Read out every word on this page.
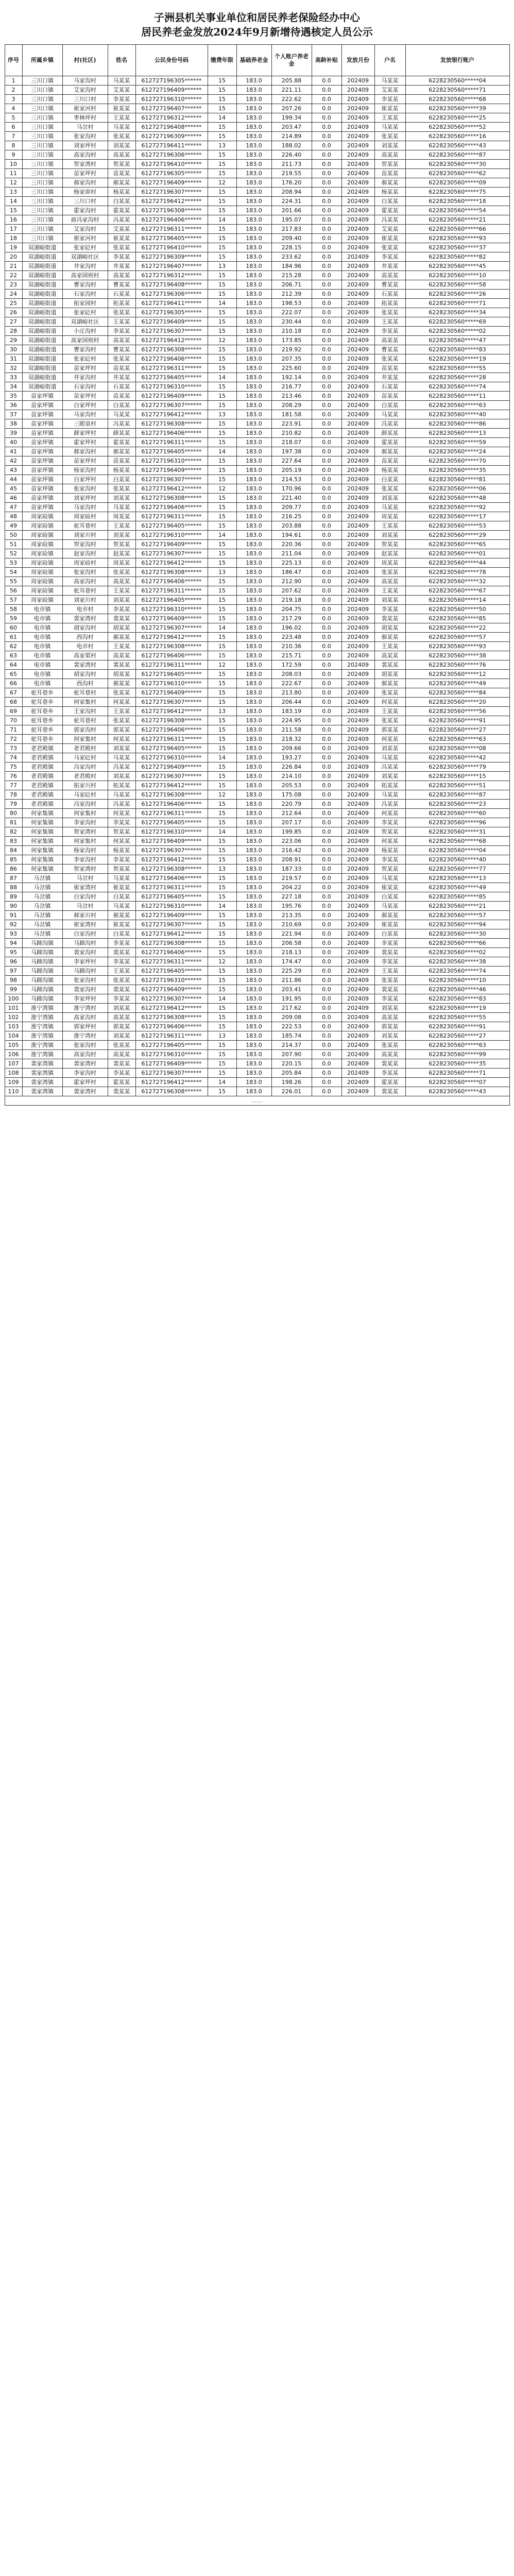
子洲县机关事业单位和居民养老保险经办中心
居民养老金发放2024年9月新增待遇核定人员公示
序号	所属乡镇	村(社区)	姓名	公民身份号码	缴费年限	基础养老金	个人账户养老金	高龄补贴	发放月份	户名	发放银行账户
1	三川口镇	马家沟村	马某某	612727196305******	15	183.0	205.88	0.0	202409	马某某	6228230560*****04
2	三川口镇	艾家沟村	艾某某	612727196409******	15	183.0	221.11	0.0	202409	艾某某	6228230560*****71
3	三川口镇	三川口村	李某某	612727196310******	15	183.0	222.62	0.0	202409	李某某	6228230560*****68
4	三川口镇	崔家河村	崔某某	612727196407******	15	183.0	207.26	0.0	202409	崔某某	6228230560*****39
5	三川口镇	枣林坪村	王某某	612727196312******	14	183.0	199.34	0.0	202409	王某某	6228230560*****25
6	三川口镇	马岔村	马某某	612727196408******	15	183.0	203.47	0.0	202409	马某某	6228230560*****52
7	三川口镇	张家沟村	张某某	612727196309******	15	183.0	214.89	0.0	202409	张某某	6228230560*****16
8	三川口镇	刘家坪村	刘某某	612727196411******	13	183.0	188.02	0.0	202409	刘某某	6228230560*****43
9	三川口镇	高家沟村	高某某	612727196306******	15	183.0	226.40	0.0	202409	高某某	6228230560*****87
10	三川口镇	贺家湾村	贺某某	612727196410******	15	183.0	211.73	0.0	202409	贺某某	6228230560*****30
11	三川口镇	苗家坪村	苗某某	612727196305******	15	183.0	219.55	0.0	202409	苗某某	6228230560*****62
12	三川口镇	郝家沟村	郝某某	612727196409******	12	183.0	176.20	0.0	202409	郝某某	6228230560*****09
13	三川口镇	杨家峁村	杨某某	612727196307******	15	183.0	208.94	0.0	202409	杨某某	6228230560*****75
14	三川口镇	三川口村	白某某	612727196412******	15	183.0	224.31	0.0	202409	白某某	6228230560*****18
15	三川口镇	霍家沟村	霍某某	612727196308******	15	183.0	201.66	0.0	202409	霍某某	6228230560*****54
16	三川口镇	前冯家沟村	冯某某	612727196406******	14	183.0	195.07	0.0	202409	冯某某	6228230560*****21
17	三川口镇	艾家沟村	艾某某	612727196311******	15	183.0	217.83	0.0	202409	艾某某	6228230560*****66
18	三川口镇	崔家河村	崔某某	612727196405******	15	183.0	209.40	0.0	202409	崔某某	6228230560*****93
19	双湖峪街道	张家砭村	张某某	612727196410******	15	183.0	228.15	0.0	202409	张某某	6228230560*****37
20	双湖峪街道	双湖峪社区	李某某	612727196309******	15	183.0	233.62	0.0	202409	李某某	6228230560*****82
21	双湖峪街道	井家沟村	井某某	612727196407******	13	183.0	184.96	0.0	202409	井某某	6228230560*****45
22	双湖峪街道	高家园则村	高某某	612727196312******	15	183.0	215.28	0.0	202409	高某某	6228230560*****10
23	双湖峪街道	曹家沟村	曹某某	612727196408******	15	183.0	206.71	0.0	202409	曹某某	6228230560*****58
24	双湖峪街道	石家沟村	石某某	612727196306******	15	183.0	212.39	0.0	202409	石某某	6228230560*****26
25	双湖峪街道	拓家园村	拓某某	612727196411******	14	183.0	198.53	0.0	202409	拓某某	6228230560*****71
26	双湖峪街道	张家砭村	张某某	612727196305******	15	183.0	222.07	0.0	202409	张某某	6228230560*****34
27	双湖峪街道	双湖峪社区	王某某	612727196409******	15	183.0	230.44	0.0	202409	王某某	6228230560*****69
28	双湖峪街道	小庄沟村	李某某	612727196307******	15	183.0	210.18	0.0	202409	李某某	6228230560*****02
29	双湖峪街道	高家园则村	高某某	612727196412******	12	183.0	173.85	0.0	202409	高某某	6228230560*****47
30	双湖峪街道	曹家沟村	曹某某	612727196308******	15	183.0	219.92	0.0	202409	曹某某	6228230560*****83
31	双湖峪街道	张家砭村	张某某	612727196406******	15	183.0	207.35	0.0	202409	张某某	6228230560*****19
32	双湖峪街道	苗家坪村	苗某某	612727196311******	15	183.0	225.60	0.0	202409	苗某某	6228230560*****55
33	双湖峪街道	井家沟村	井某某	612727196405******	14	183.0	192.14	0.0	202409	井某某	6228230560*****28
34	双湖峪街道	石家沟村	石某某	612727196310******	15	183.0	216.77	0.0	202409	石某某	6228230560*****74
35	苗家坪镇	苗家坪村	苗某某	612727196409******	15	183.0	213.46	0.0	202409	苗某某	6228230560*****11
36	苗家坪镇	白家坪村	白某某	612727196307******	15	183.0	208.29	0.0	202409	白某某	6228230560*****63
37	苗家坪镇	马家沟村	马某某	612727196412******	13	183.0	181.58	0.0	202409	马某某	6228230560*****40
38	苗家坪镇	三眼泉村	冯某某	612727196308******	15	183.0	223.91	0.0	202409	冯某某	6228230560*****86
39	苗家坪镇	薛家坪村	薛某某	612727196406******	15	183.0	210.82	0.0	202409	薛某某	6228230560*****13
40	苗家坪镇	霍家坪村	霍某某	612727196311******	15	183.0	218.07	0.0	202409	霍某某	6228230560*****59
41	苗家坪镇	郝家沟村	郝某某	612727196405******	14	183.0	197.38	0.0	202409	郝某某	6228230560*****24
42	苗家坪镇	苗家坪村	苗某某	612727196310******	15	183.0	227.64	0.0	202409	苗某某	6228230560*****70
43	苗家坪镇	杨家沟村	杨某某	612727196409******	15	183.0	205.19	0.0	202409	杨某某	6228230560*****35
44	苗家坪镇	白家坪村	白某某	612727196307******	15	183.0	214.53	0.0	202409	白某某	6228230560*****81
45	苗家坪镇	张家沟村	张某某	612727196412******	12	183.0	170.96	0.0	202409	张某某	6228230560*****06
46	苗家坪镇	刘家坪村	刘某某	612727196308******	15	183.0	221.40	0.0	202409	刘某某	6228230560*****48
47	苗家坪镇	马家沟村	马某某	612727196406******	15	183.0	209.77	0.0	202409	马某某	6228230560*****92
48	周家硷镇	周家硷村	周某某	612727196311******	15	183.0	216.25	0.0	202409	周某某	6228230560*****17
49	周家硷镇	驼耳巷村	王某某	612727196405******	15	183.0	203.88	0.0	202409	王某某	6228230560*****53
50	周家硷镇	刘家川村	刘某某	612727196310******	14	183.0	194.61	0.0	202409	刘某某	6228230560*****29
51	周家硷镇	贺家沟村	贺某某	612727196409******	15	183.0	220.36	0.0	202409	贺某某	6228230560*****65
52	周家硷镇	赵家沟村	赵某某	612727196307******	15	183.0	211.04	0.0	202409	赵某某	6228230560*****01
53	周家硷镇	周家硷村	周某某	612727196412******	15	183.0	225.13	0.0	202409	周某某	6228230560*****44
54	周家硷镇	张家沟村	张某某	612727196308******	13	183.0	186.47	0.0	202409	张某某	6228230560*****78
55	周家硷镇	高家沟村	高某某	612727196406******	15	183.0	212.90	0.0	202409	高某某	6228230560*****32
56	周家硷镇	驼耳巷村	王某某	612727196311******	15	183.0	207.62	0.0	202409	王某某	6228230560*****67
57	周家硷镇	刘家川村	刘某某	612727196405******	15	183.0	219.18	0.0	202409	刘某某	6228230560*****14
58	电市镇	电市村	李某某	612727196310******	15	183.0	204.75	0.0	202409	李某某	6228230560*****50
59	电市镇	裴家湾村	裴某某	612727196409******	15	183.0	217.29	0.0	202409	裴某某	6228230560*****85
60	电市镇	胡家沟村	胡某某	612727196307******	14	183.0	196.02	0.0	202409	胡某某	6228230560*****22
61	电市镇	西沟村	郝某某	612727196412******	15	183.0	223.48	0.0	202409	郝某某	6228230560*****57
62	电市镇	电市村	王某某	612727196308******	15	183.0	210.36	0.0	202409	王某某	6228230560*****93
63	电市镇	高家渠村	高某某	612727196406******	15	183.0	215.71	0.0	202409	高某某	6228230560*****38
64	电市镇	裴家湾村	裴某某	612727196311******	12	183.0	172.59	0.0	202409	裴某某	6228230560*****76
65	电市镇	胡家沟村	胡某某	612727196405******	15	183.0	208.03	0.0	202409	胡某某	6228230560*****12
66	电市镇	西沟村	郝某某	612727196310******	15	183.0	222.67	0.0	202409	郝某某	6228230560*****49
67	驼耳巷乡	驼耳巷村	张某某	612727196409******	15	183.0	213.80	0.0	202409	张某某	6228230560*****84
68	驼耳巷乡	何家集村	何某某	612727196307******	15	183.0	206.44	0.0	202409	何某某	6228230560*****20
69	驼耳巷乡	王家沟村	王某某	612727196412******	13	183.0	183.19	0.0	202409	王某某	6228230560*****56
70	驼耳巷乡	驼耳巷村	张某某	612727196308******	15	183.0	224.95	0.0	202409	张某某	6228230560*****91
71	驼耳巷乡	郭家沟村	郭某某	612727196406******	15	183.0	211.58	0.0	202409	郭某某	6228230560*****27
72	驼耳巷乡	何家集村	何某某	612727196311******	15	183.0	218.32	0.0	202409	何某某	6228230560*****63
73	老君殿镇	老君殿村	刘某某	612727196405******	15	183.0	209.66	0.0	202409	刘某某	6228230560*****08
74	老君殿镇	马家砭村	马某某	612727196310******	14	183.0	193.27	0.0	202409	马某某	6228230560*****42
75	老君殿镇	冯家沟村	冯某某	612727196409******	15	183.0	226.84	0.0	202409	冯某某	6228230560*****79
76	老君殿镇	老君殿村	刘某某	612727196307******	15	183.0	214.10	0.0	202409	刘某某	6228230560*****15
77	老君殿镇	拓家川村	拓某某	612727196412******	15	183.0	205.53	0.0	202409	拓某某	6228230560*****51
78	老君殿镇	马家砭村	马某某	612727196308******	12	183.0	175.08	0.0	202409	马某某	6228230560*****87
79	老君殿镇	冯家沟村	冯某某	612727196406******	15	183.0	220.79	0.0	202409	冯某某	6228230560*****23
80	何家集镇	何家集村	何某某	612727196311******	15	183.0	212.64	0.0	202409	何某某	6228230560*****60
81	何家集镇	李家沟村	李某某	612727196405******	15	183.0	207.17	0.0	202409	李某某	6228230560*****96
82	何家集镇	贺家湾村	贺某某	612727196310******	14	183.0	199.85	0.0	202409	贺某某	6228230560*****31
83	何家集镇	何家集村	何某某	612727196409******	15	183.0	223.06	0.0	202409	何某某	6228230560*****68
84	何家集镇	杨家沟村	杨某某	612727196307******	15	183.0	216.42	0.0	202409	杨某某	6228230560*****04
85	何家集镇	李家沟村	李某某	612727196412******	15	183.0	208.91	0.0	202409	李某某	6228230560*****40
86	何家集镇	贺家湾村	贺某某	612727196308******	13	183.0	187.33	0.0	202409	贺某某	6228230560*****77
87	马岔镇	马岔村	马某某	612727196406******	15	183.0	219.57	0.0	202409	马某某	6228230560*****13
88	马岔镇	崔家湾村	崔某某	612727196311******	15	183.0	204.22	0.0	202409	崔某某	6228230560*****49
89	马岔镇	白家沟村	白某某	612727196405******	15	183.0	227.18	0.0	202409	白某某	6228230560*****85
90	马岔镇	马岔村	马某某	612727196310******	14	183.0	195.76	0.0	202409	马某某	6228230560*****21
91	马岔镇	郝家川村	郝某某	612727196409******	15	183.0	213.35	0.0	202409	郝某某	6228230560*****57
92	马岔镇	崔家湾村	崔某某	612727196307******	15	183.0	210.69	0.0	202409	崔某某	6228230560*****94
93	马岔镇	白家沟村	白某某	612727196412******	15	183.0	221.94	0.0	202409	白某某	6228230560*****30
94	马蹄沟镇	马蹄沟村	李某某	612727196308******	15	183.0	206.58	0.0	202409	李某某	6228230560*****66
95	马蹄沟镇	裴家沟村	裴某某	612727196406******	15	183.0	218.13	0.0	202409	裴某某	6228230560*****02
96	马蹄沟镇	李家坪村	李某某	612727196311******	12	183.0	174.47	0.0	202409	李某某	6228230560*****38
97	马蹄沟镇	马蹄沟村	王某某	612727196405******	15	183.0	225.29	0.0	202409	王某某	6228230560*****74
98	马蹄沟镇	张家沟村	张某某	612727196310******	15	183.0	211.86	0.0	202409	张某某	6228230560*****10
99	马蹄沟镇	裴家沟村	裴某某	612727196409******	15	183.0	203.41	0.0	202409	裴某某	6228230560*****46
100	马蹄沟镇	李家坪村	李某某	612727196307******	14	183.0	191.95	0.0	202409	李某某	6228230560*****83
101	淮宁湾镇	淮宁湾村	刘某某	612727196412******	15	183.0	217.62	0.0	202409	刘某某	6228230560*****19
102	淮宁湾镇	高家沟村	高某某	612727196308******	15	183.0	209.08	0.0	202409	高某某	6228230560*****55
103	淮宁湾镇	郭家坪村	郭某某	612727196406******	15	183.0	222.53	0.0	202409	郭某某	6228230560*****91
104	淮宁湾镇	淮宁湾村	刘某某	612727196311******	13	183.0	185.74	0.0	202409	刘某某	6228230560*****27
105	淮宁湾镇	张家沟村	张某某	612727196405******	15	183.0	214.37	0.0	202409	张某某	6228230560*****63
106	淮宁湾镇	高家沟村	高某某	612727196310******	15	183.0	207.90	0.0	202409	高某某	6228230560*****99
107	裴家湾镇	裴家湾村	裴某某	612727196409******	15	183.0	220.15	0.0	202409	裴某某	6228230560*****35
108	裴家湾镇	李家沟村	李某某	612727196307******	15	183.0	205.84	0.0	202409	李某某	6228230560*****71
109	裴家湾镇	霍家坪村	霍某某	612727196412******	14	183.0	198.26	0.0	202409	霍某某	6228230560*****07
110	裴家湾镇	裴家湾村	裴某某	612727196308******	15	183.0	226.01	0.0	202409	裴某某	6228230560*****43
……											
